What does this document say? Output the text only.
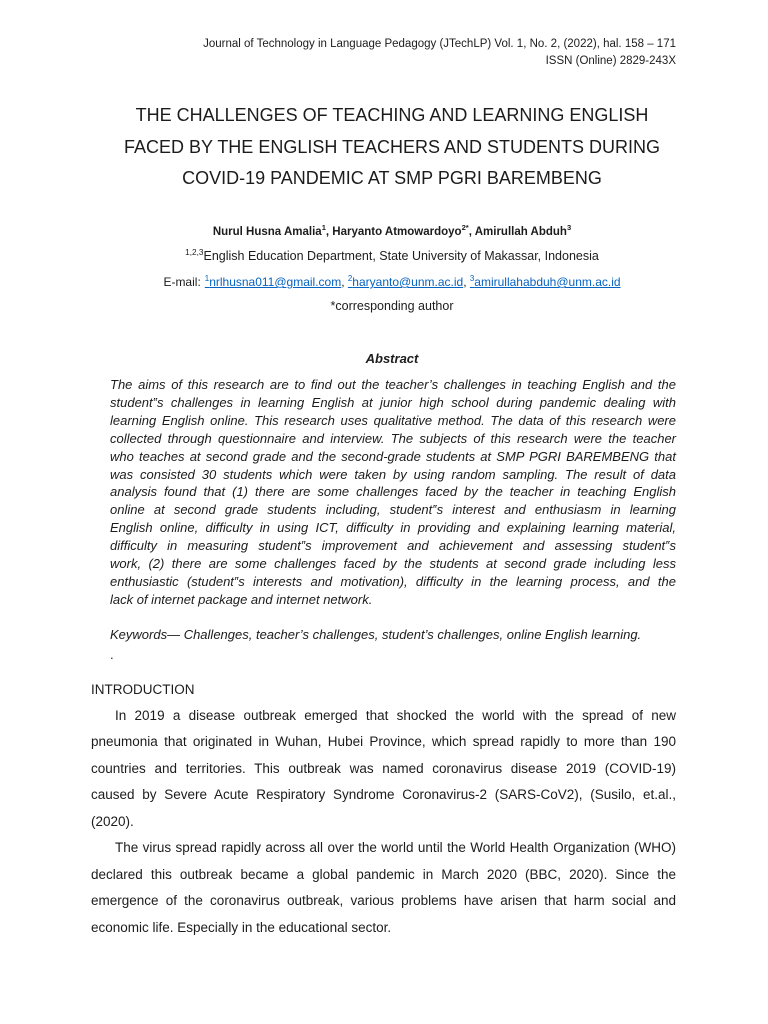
Journal of Technology in Language Pedagogy (JTechLP) Vol. 1, No. 2, (2022), hal. 158 – 171
ISSN (Online) 2829-243X
THE CHALLENGES OF TEACHING AND LEARNING ENGLISH
FACED BY THE ENGLISH TEACHERS AND STUDENTS DURING
COVID-19 PANDEMIC AT SMP PGRI BAREMBENG
Nurul Husna Amalia$^1$, Haryanto Atmowardoyo$^{2*}$, Amirullah Abduh$^3$
$^{1,2,3}$English Education Department, State University of Makassar, Indonesia
E-mail: $^1$nrlhusna011@gmail.com, $^2$haryanto@unm.ac.id, $^3$amirullahabduh@unm.ac.id
*corresponding author
Abstract
The aims of this research are to find out the teacher’s challenges in teaching English and the
student‟s challenges in learning English at junior high school during pandemic dealing with
learning English online. This research uses qualitative method. The data of this research were
collected through questionnaire and interview. The subjects of this research were the teacher
who teaches at second grade and the second-grade students at SMP PGRI BAREMBENG that
was consisted 30 students which were taken by using random sampling. The result of data
analysis found that (1) there are some challenges faced by the teacher in teaching English
online at second grade students including, student‟s interest and enthusiasm in learning
English online, difficulty in using ICT, difficulty in providing and explaining learning material,
difficulty in measuring student‟s improvement and achievement and assessing student‟s
work, (2) there are some challenges faced by the students at second grade including less
enthusiastic (student‟s interests and motivation), difficulty in the learning process, and the
lack of internet package and internet network.
Keywords— Challenges, teacher’s challenges, student’s challenges, online English learning.
.
INTRODUCTION
In 2019 a disease outbreak emerged that shocked the world with the spread of new
pneumonia that originated in Wuhan, Hubei Province, which spread rapidly to more than 190
countries and territories. This outbreak was named coronavirus disease 2019 (COVID-19)
caused by Severe Acute Respiratory Syndrome Coronavirus-2 (SARS-CoV2), (Susilo, et.al.,
(2020).
The virus spread rapidly across all over the world until the World Health Organization (WHO)
declared this outbreak became a global pandemic in March 2020 (BBC, 2020). Since the
emergence of the coronavirus outbreak, various problems have arisen that harm social and
economic life. Especially in the educational sector.
